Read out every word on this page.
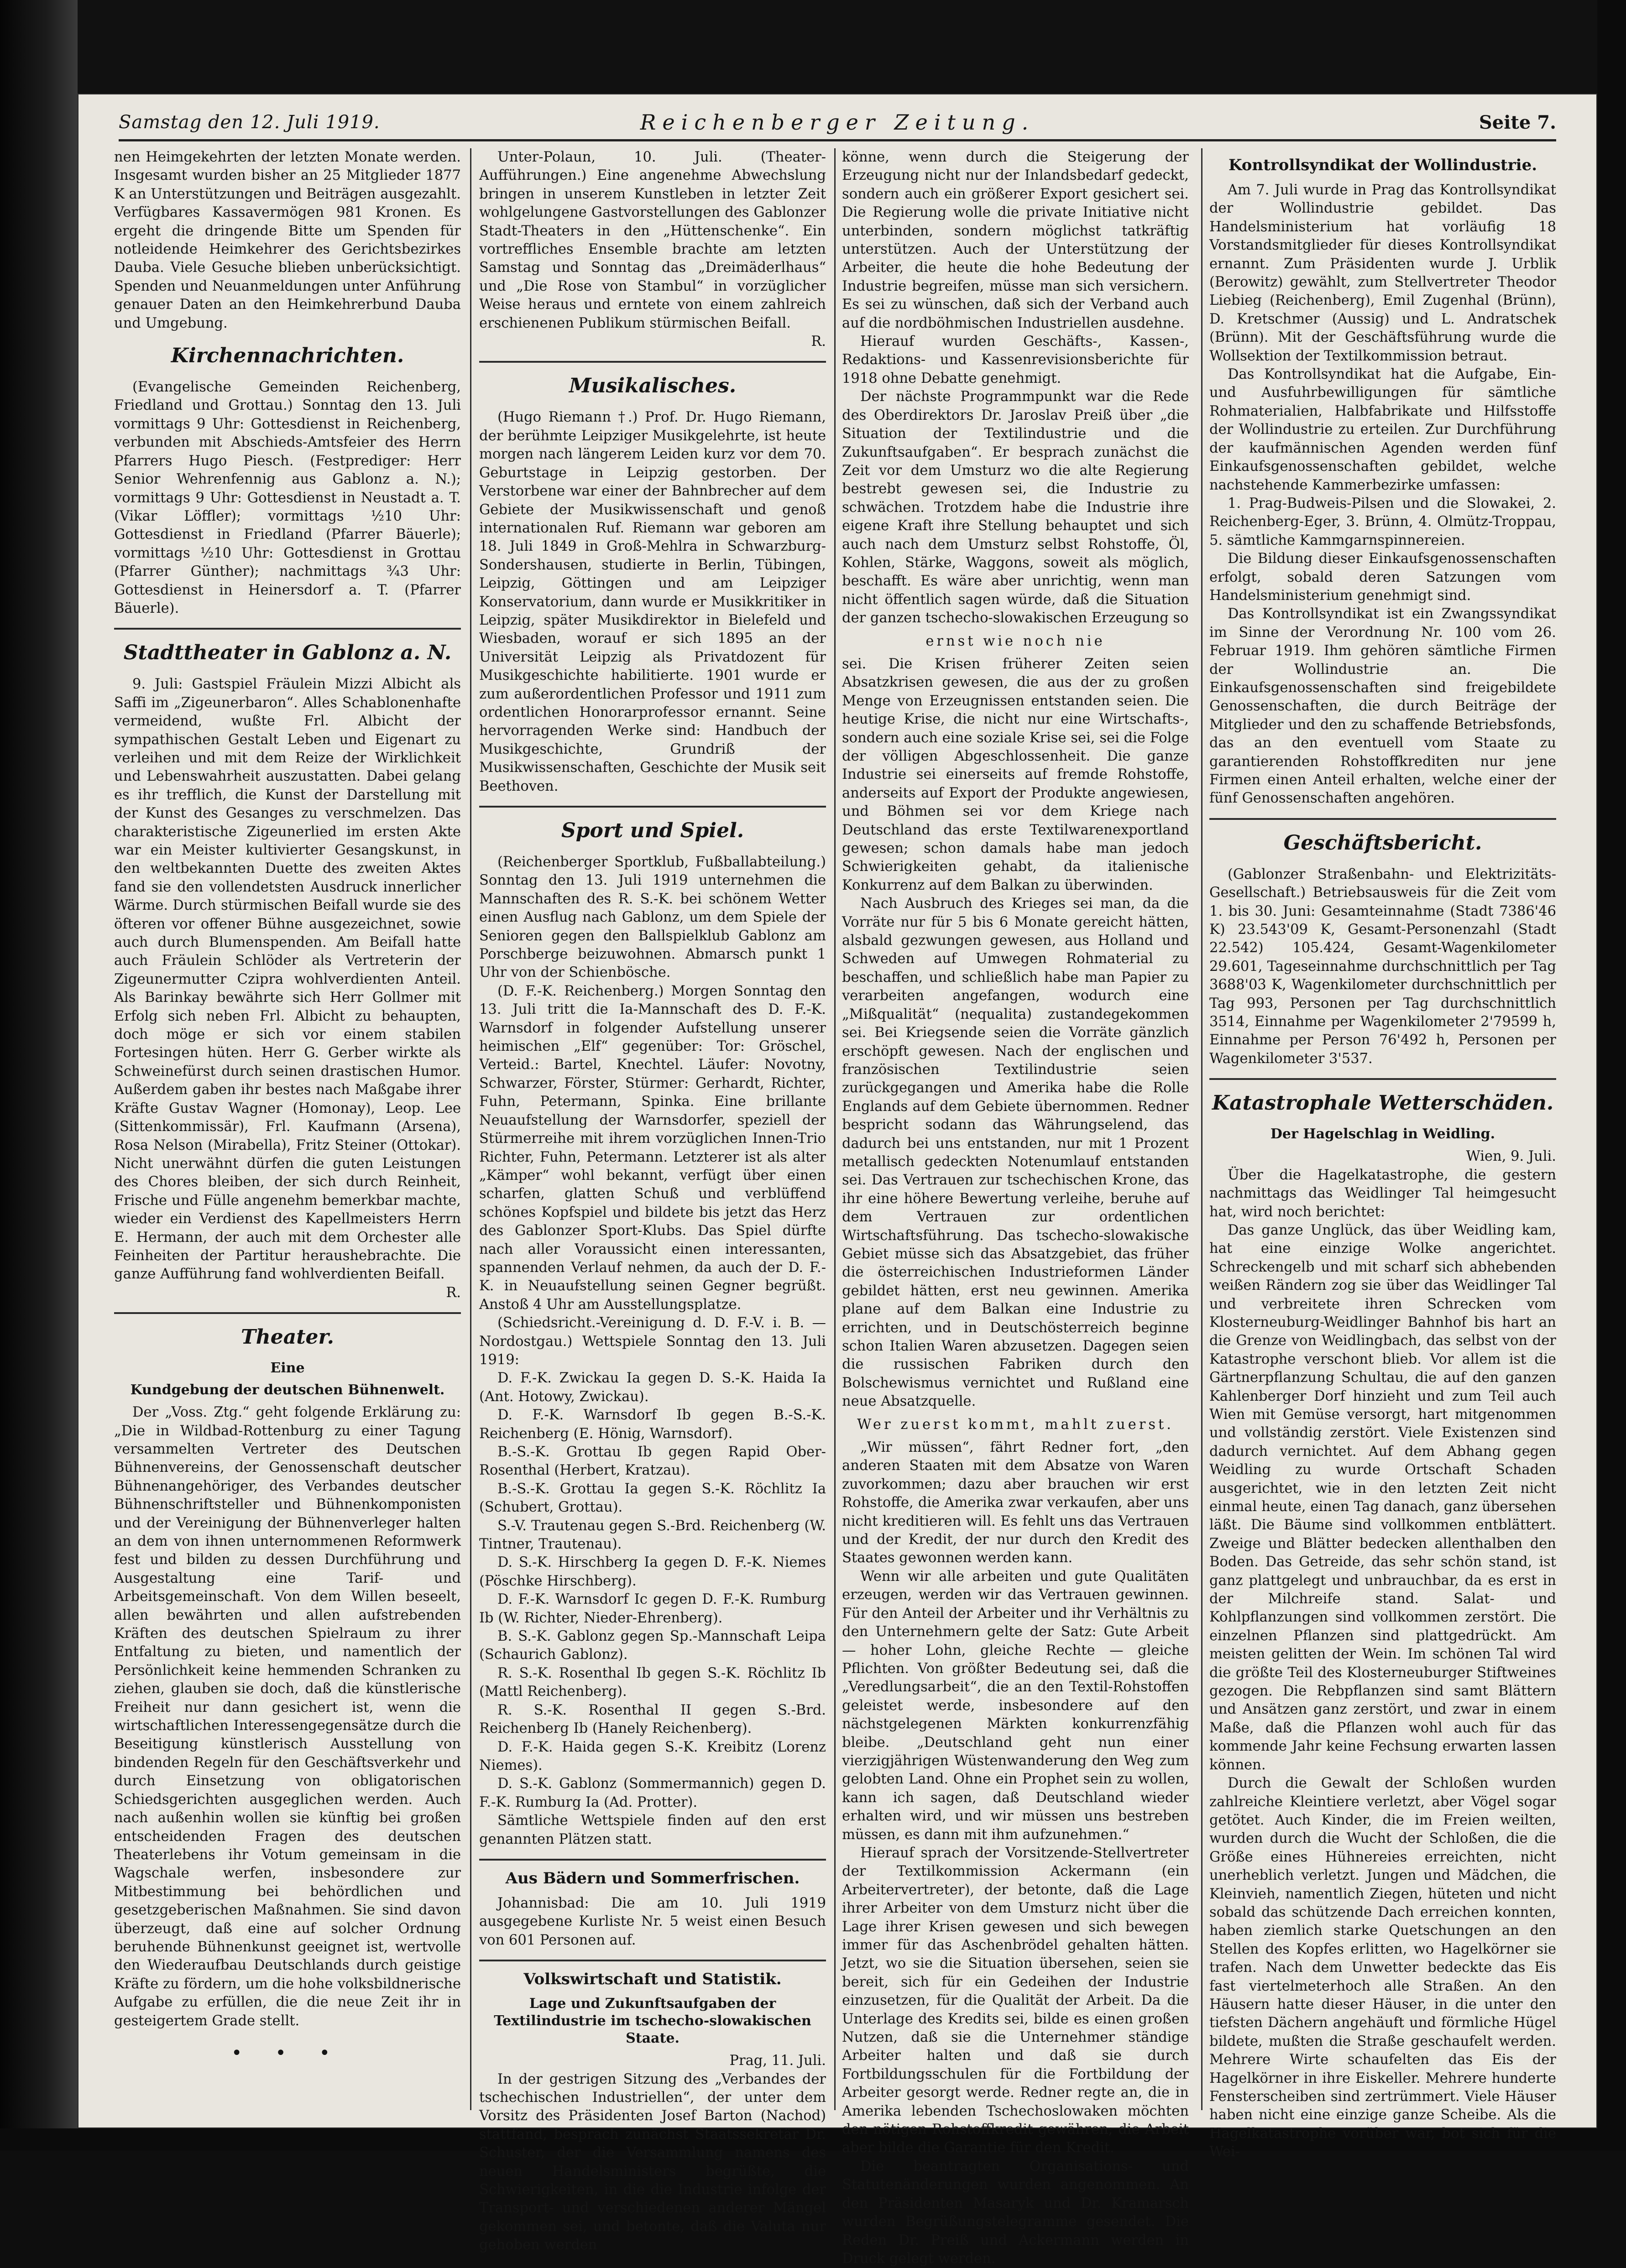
Samstag den 12. Juli 1919.	Reichenberger Zeitung.	Seite 7.

nen Heimgekehrten der letzten Monate werden. Insgesamt wurden bisher an 25 Mitglieder 1877 K an Unterstützungen und Beiträgen ausgezahlt. Verfügbares Kassavermögen 981 Kronen. Es ergeht die dringende Bitte um Spenden für notleidende Heimkehrer des Gerichtsbezirkes Dauba. Viele Gesuche blieben unberücksichtigt. Spenden und Neuanmeldungen unter Anführung genauer Daten an den Heimkehrerbund Dauba und Umgebung.

Kirchennachrichten.

(Evangelische Gemeinden Reichenberg, Friedland und Grottau.) Sonntag den 13. Juli vormittags 9 Uhr: Gottesdienst in Reichenberg, verbunden mit Abschieds-Amtsfeier des Herrn Pfarrers Hugo Piesch. (Festprediger: Herr Senior Wehrenfennig aus Gablonz a. N.); vormittags 9 Uhr: Gottesdienst in Neustadt a. T. (Vikar Löffler); vormittags ½10 Uhr: Gottesdienst in Friedland (Pfarrer Bäuerle); vormittags ½10 Uhr: Gottesdienst in Grottau (Pfarrer Günther); nachmittags ¾3 Uhr: Gottesdienst in Heinersdorf a. T. (Pfarrer Bäuerle).

Stadttheater in Gablonz a. N.

9. Juli: Gastspiel Fräulein Mizzi Albicht als Saffi im „Zigeunerbaron“. Alles Schablonenhafte vermeidend, wußte Frl. Albicht der sympathischen Gestalt Leben und Eigenart zu verleihen und mit dem Reize der Wirklichkeit und Lebenswahrheit auszustatten. Dabei gelang es ihr trefflich, die Kunst der Darstellung mit der Kunst des Gesanges zu verschmelzen. Das charakteristische Zigeunerlied im ersten Akte war ein Meister kultivierter Gesangskunst, in den weltbekannten Duette des zweiten Aktes fand sie den vollendetsten Ausdruck innerlicher Wärme. Durch stürmischen Beifall wurde sie des öfteren vor offener Bühne ausgezeichnet, sowie auch durch Blumenspenden. Am Beifall hatte auch Fräulein Schlöder als Vertreterin der Zigeunermutter Czipra wohlverdienten Anteil. Als Barinkay bewährte sich Herr Gollmer mit Erfolg sich neben Frl. Albicht zu behaupten, doch möge er sich vor einem stabilen Fortesingen hüten. Herr G. Gerber wirkte als Schweinefürst durch seinen drastischen Humor. Außerdem gaben ihr bestes nach Maßgabe ihrer Kräfte Gustav Wagner (Homonay), Leop. Lee (Sittenkommissär), Frl. Kaufmann (Arsena), Rosa Nelson (Mirabella), Fritz Steiner (Ottokar). Nicht unerwähnt dürfen die guten Leistungen des Chores bleiben, der sich durch Reinheit, Frische und Fülle angenehm bemerkbar machte, wieder ein Verdienst des Kapellmeisters Herrn E. Hermann, der auch mit dem Orchester alle Feinheiten der Partitur heraushebrachte. Die ganze Aufführung fand wohlverdienten Beifall.

R.

Theater.
Eine
Kundgebung der deutschen Bühnenwelt.

Der „Voss. Ztg.“ geht folgende Erklärung zu: „Die in Wildbad-Rottenburg zu einer Tagung versammelten Vertreter des Deutschen Bühnenvereins, der Genossenschaft deutscher Bühnenangehöriger, des Verbandes deutscher Bühnenschriftsteller und Bühnenkomponisten und der Vereinigung der Bühnenverleger halten an dem von ihnen unternommenen Reformwerk fest und bilden zu dessen Durchführung und Ausgestaltung eine Tarif- und Arbeitsgemeinschaft. Von dem Willen beseelt, allen bewährten und allen aufstrebenden Kräften des deutschen Spielraum zu ihrer Entfaltung zu bieten, und namentlich der Persönlichkeit keine hemmenden Schranken zu ziehen, glauben sie doch, daß die künstlerische Freiheit nur dann gesichert ist, wenn die wirtschaftlichen Interessengegensätze durch die Beseitigung künstlerisch Ausstellung von bindenden Regeln für den Geschäftsverkehr und durch Einsetzung von obligatorischen Schiedsgerichten ausgeglichen werden. Auch nach außenhin wollen sie künftig bei großen entscheidenden Fragen des deutschen Theaterlebens ihr Votum gemeinsam in die Wagschale werfen, insbesondere zur Mitbestimmung bei behördlichen und gesetzgeberischen Maßnahmen. Sie sind davon überzeugt, daß eine auf solcher Ordnung beruhende Bühnenkunst geeignet ist, wertvolle den Wiederaufbau Deutschlands durch geistige Kräfte zu fördern, um die hohe volksbildnerische Aufgabe zu erfüllen, die die neue Zeit ihr in gesteigertem Grade stellt.

• • •

Unter-Polaun, 10. Juli. (Theater-Aufführungen.) Eine angenehme Abwechslung bringen in unserem Kunstleben in letzter Zeit wohlgelungene Gastvorstellungen des Gablonzer Stadt-Theaters in den „Hüttenschenke“. Ein vortreffliches Ensemble brachte am letzten Samstag und Sonntag das „Dreimäderlhaus“ und „Die Rose von Stambul“ in vorzüglicher Weise heraus und erntete von einem zahlreich erschienenen Publikum stürmischen Beifall.

R.

Musikalisches.

(Hugo Riemann †.) Prof. Dr. Hugo Riemann, der berühmte Leipziger Musikgelehrte, ist heute morgen nach längerem Leiden kurz vor dem 70. Geburtstage in Leipzig gestorben. Der Verstorbene war einer der Bahnbrecher auf dem Gebiete der Musikwissenschaft und genoß internationalen Ruf. Riemann war geboren am 18. Juli 1849 in Groß-Mehlra in Schwarzburg-Sondershausen, studierte in Berlin, Tübingen, Leipzig, Göttingen und am Leipziger Konservatorium, dann wurde er Musikkritiker in Leipzig, später Musikdirektor in Bielefeld und Wiesbaden, worauf er sich 1895 an der Universität Leipzig als Privatdozent für Musikgeschichte habilitierte. 1901 wurde er zum außerordentlichen Professor und 1911 zum ordentlichen Honorarprofessor ernannt. Seine hervorragenden Werke sind: Handbuch der Musikgeschichte, Grundriß der Musikwissenschaften, Geschichte der Musik seit Beethoven.

Sport und Spiel.

(Reichenberger Sportklub, Fußballabteilung.) Sonntag den 13. Juli 1919 unternehmen die Mannschaften des R. S.-K. bei schönem Wetter einen Ausflug nach Gablonz, um dem Spiele der Senioren gegen den Ballspielklub Gablonz am Porschberge beizuwohnen. Abmarsch punkt 1 Uhr von der Schienbösche.

(D. F.-K. Reichenberg.) Morgen Sonntag den 13. Juli tritt die Ia-Mannschaft des D. F.-K. Warnsdorf in folgender Aufstellung unserer heimischen „Elf“ gegenüber: Tor: Gröschel, Verteid.: Bartel, Knechtel. Läufer: Novotny, Schwarzer, Förster, Stürmer: Gerhardt, Richter, Fuhn, Petermann, Spinka. Eine brillante Neuaufstellung der Warnsdorfer, speziell der Stürmerreihe mit ihrem vorzüglichen Innen-Trio Richter, Fuhn, Petermann. Letzterer ist als alter „Kämper“ wohl bekannt, verfügt über einen scharfen, glatten Schuß und verblüffend schönes Kopfspiel und bildete bis jetzt das Herz des Gablonzer Sport-Klubs. Das Spiel dürfte nach aller Voraussicht einen interessanten, spannenden Verlauf nehmen, da auch der D. F.-K. in Neuaufstellung seinen Gegner begrüßt. Anstoß 4 Uhr am Ausstellungsplatze.

(Schiedsricht.-Vereinigung d. D. F.-V. i. B. — Nordostgau.) Wettspiele Sonntag den 13. Juli 1919:

D. F.-K. Zwickau Ia gegen D. S.-K. Haida Ia (Ant. Hotowy, Zwickau).

D. F.-K. Warnsdorf Ib gegen B.-S.-K. Reichenberg (E. Hönig, Warnsdorf).

B.-S.-K. Grottau Ib gegen Rapid Ober-Rosenthal (Herbert, Kratzau).

B.-S.-K. Grottau Ia gegen S.-K. Röchlitz Ia (Schubert, Grottau).

S.-V. Trautenau gegen S.-Brd. Reichenberg (W. Tintner, Trautenau).

D. S.-K. Hirschberg Ia gegen D. F.-K. Niemes (Pöschke Hirschberg).

D. F.-K. Warnsdorf Ic gegen D. F.-K. Rumburg Ib (W. Richter, Nieder-Ehrenberg).

B. S.-K. Gablonz gegen Sp.-Mannschaft Leipa (Schaurich Gablonz).

R. S.-K. Rosenthal Ib gegen S.-K. Röchlitz Ib (Mattl Reichenberg).

R. S.-K. Rosenthal II gegen S.-Brd. Reichenberg Ib (Hanely Reichenberg).

D. F.-K. Haida gegen S.-K. Kreibitz (Lorenz Niemes).

D. S.-K. Gablonz (Sommermannich) gegen D. F.-K. Rumburg Ia (Ad. Protter).

Sämtliche Wettspiele finden auf den erst genannten Plätzen statt.

Aus Bädern und Sommerfrischen.

Johannisbad: Die am 10. Juli 1919 ausgegebene Kurliste Nr. 5 weist einen Besuch von 601 Personen auf.

Volkswirtschaft und Statistik.
Lage und Zukunftsaufgaben der Textilindustrie im tschecho-slowakischen Staate.

Prag, 11. Juli.

In der gestrigen Sitzung des „Verbandes der tschechischen Industriellen“, der unter dem Vorsitz des Präsidenten Josef Barton (Nachod) stattfand, besprach zunächst Staatssekretär Dr. Schuster, der die Versammlung namens des neuen Handelsministers begrüßte, die Schwierigkeiten, in die die Industrie infolge der Transport- und verschiedenen anderer Mängel gekommen sei, und betonte, daß die Valuta nur gehoben werden

könne, wenn durch die Steigerung der Erzeugung nicht nur der Inlandsbedarf gedeckt, sondern auch ein größerer Export gesichert sei. Die Regierung wolle die private Initiative nicht unterbinden, sondern möglichst tatkräftig unterstützen. Auch der Unterstützung der Arbeiter, die heute die hohe Bedeutung der Industrie begreifen, müsse man sich versichern. Es sei zu wünschen, daß sich der Verband auch auf die nordböhmischen Industriellen ausdehne.

Hierauf wurden Geschäfts-, Kassen-, Redaktions- und Kassenrevisionsberichte für 1918 ohne Debatte genehmigt.

Der nächste Programmpunkt war die Rede des Oberdirektors Dr. Jaroslav Preiß über „die Situation der Textilindustrie und die Zukunftsaufgaben“. Er besprach zunächst die Zeit vor dem Umsturz wo die alte Regierung bestrebt gewesen sei, die Industrie zu schwächen. Trotzdem habe die Industrie ihre eigene Kraft ihre Stellung behauptet und sich auch nach dem Umsturz selbst Rohstoffe, Öl, Kohlen, Stärke, Waggons, soweit als möglich, beschafft. Es wäre aber unrichtig, wenn man nicht öffentlich sagen würde, daß die Situation der ganzen tschecho-slowakischen Erzeugung so

ernst wie noch nie

sei. Die Krisen früherer Zeiten seien Absatzkrisen gewesen, die aus der zu großen Menge von Erzeugnissen entstanden seien. Die heutige Krise, die nicht nur eine Wirtschafts-, sondern auch eine soziale Krise sei, sei die Folge der völligen Abgeschlossenheit. Die ganze Industrie sei einerseits auf fremde Rohstoffe, anderseits auf Export der Produkte angewiesen, und Böhmen sei vor dem Kriege nach Deutschland das erste Textilwarenexportland gewesen; schon damals habe man jedoch Schwierigkeiten gehabt, da italienische Konkurrenz auf dem Balkan zu überwinden.

Nach Ausbruch des Krieges sei man, da die Vorräte nur für 5 bis 6 Monate gereicht hätten, alsbald gezwungen gewesen, aus Holland und Schweden auf Umwegen Rohmaterial zu beschaffen, und schließlich habe man Papier zu verarbeiten angefangen, wodurch eine „Mißqualität“ (nequalita) zustandegekommen sei. Bei Kriegsende seien die Vorräte gänzlich erschöpft gewesen. Nach der englischen und französischen Textilindustrie seien zurückgegangen und Amerika habe die Rolle Englands auf dem Gebiete übernommen. Redner bespricht sodann das Währungselend, das dadurch bei uns entstanden, nur mit 1 Prozent metallisch gedeckten Notenumlauf entstanden sei. Das Vertrauen zur tschechischen Krone, das ihr eine höhere Bewertung verleihe, beruhe auf dem Vertrauen zur ordentlichen Wirtschaftsführung. Das tschecho-slowakische Gebiet müsse sich das Absatzgebiet, das früher die österreichischen Industrieformen Länder gebildet hätten, erst neu gewinnen. Amerika plane auf dem Balkan eine Industrie zu errichten, und in Deutschösterreich beginne schon Italien Waren abzusetzen. Dagegen seien die russischen Fabriken durch den Bolschewismus vernichtet und Rußland eine neue Absatzquelle.

Wer zuerst kommt, mahlt zuerst.

„Wir müssen“, fährt Redner fort, „den anderen Staaten mit dem Absatze von Waren zuvorkommen; dazu aber brauchen wir erst Rohstoffe, die Amerika zwar verkaufen, aber uns nicht kreditieren will. Es fehlt uns das Vertrauen und der Kredit, der nur durch den Kredit des Staates gewonnen werden kann.

Wenn wir alle arbeiten und gute Qualitäten erzeugen, werden wir das Vertrauen gewinnen. Für den Anteil der Arbeiter und ihr Verhältnis zu den Unternehmern gelte der Satz: Gute Arbeit — hoher Lohn, gleiche Rechte — gleiche Pflichten. Von größter Bedeutung sei, daß die „Veredlungsarbeit“, die an den Textil-Rohstoffen geleistet werde, insbesondere auf den nächstgelegenen Märkten konkurrenzfähig bleibe. „Deutschland geht nun einer vierzigjährigen Wüstenwanderung den Weg zum gelobten Land. Ohne ein Prophet sein zu wollen, kann ich sagen, daß Deutschland wieder erhalten wird, und wir müssen uns bestreben müssen, es dann mit ihm aufzunehmen.“

Hierauf sprach der Vorsitzende-Stellvertreter der Textilkommission Ackermann (ein Arbeitervertreter), der betonte, daß die Lage ihrer Arbeiter von dem Umsturz nicht über die Lage ihrer Krisen gewesen und sich bewegen immer für das Aschenbrödel gehalten hätten. Jetzt, wo sie die Situation übersehen, seien sie bereit, sich für ein Gedeihen der Industrie einzusetzen, für die Qualität der Arbeit. Da die Unterlage des Kredits sei, bilde es einen großen Nutzen, daß sie die Unternehmer ständige Arbeiter halten und daß sie durch Fortbildungsschulen für die Fortbildung der Arbeiter gesorgt werde. Redner regte an, die in Amerika lebenden Tschechoslowaken möchten den nötigen Rohstoffkredit gewähren; die Arbeit aber bilde die Garantie für den Kredit.

Die beantragten Organisations- und Statutenänderungen wurden angenommen. An den Präsidenten Masaryk und Dr. Kramarsch wurden Begrüßungstelegramme gesendet. Die Reden Dr. Preiß und Ackermann werden in Druck gelegt werden.

Kontrollsyndikat der Wollindustrie.

Am 7. Juli wurde in Prag das Kontrollsyndikat der Wollindustrie gebildet. Das Handelsministerium hat vorläufig 18 Vorstandsmitglieder für dieses Kontrollsyndikat ernannt. Zum Präsidenten wurde J. Urblik (Berowitz) gewählt, zum Stellvertreter Theodor Liebieg (Reichenberg), Emil Zugenhal (Brünn), D. Kretschmer (Aussig) und L. Andratschek (Brünn). Mit der Geschäftsführung wurde die Wollsektion der Textilkommission betraut.

Das Kontrollsyndikat hat die Aufgabe, Ein- und Ausfuhrbewilligungen für sämtliche Rohmaterialien, Halbfabrikate und Hilfsstoffe der Wollindustrie zu erteilen. Zur Durchführung der kaufmännischen Agenden werden fünf Einkaufsgenossenschaften gebildet, welche nachstehende Kammerbezirke umfassen:

1. Prag-Budweis-Pilsen und die Slowakei, 2. Reichenberg-Eger, 3. Brünn, 4. Olmütz-Troppau, 5. sämtliche Kammgarnspinnereien.

Die Bildung dieser Einkaufsgenossenschaften erfolgt, sobald deren Satzungen vom Handelsministerium genehmigt sind.

Das Kontrollsyndikat ist ein Zwangssyndikat im Sinne der Verordnung Nr. 100 vom 26. Februar 1919. Ihm gehören sämtliche Firmen der Wollindustrie an. Die Einkaufsgenossenschaften sind freigebildete Genossenschaften, die durch Beiträge der Mitglieder und den zu schaffende Betriebsfonds, das an den eventuell vom Staate zu garantierenden Rohstoffkrediten nur jene Firmen einen Anteil erhalten, welche einer der fünf Genossenschaften angehören.

Geschäftsbericht.

(Gablonzer Straßenbahn- und Elektrizitäts-Gesellschaft.) Betriebsausweis für die Zeit vom 1. bis 30. Juni: Gesamteinnahme (Stadt 7386'46 K) 23.543'09 K, Gesamt-Personenzahl (Stadt 22.542) 105.424, Gesamt-Wagenkilometer 29.601, Tageseinnahme durchschnittlich per Tag 3688'03 K, Wagenkilometer durchschnittlich per Tag 993, Personen per Tag durchschnittlich 3514, Einnahme per Wagenkilometer 2'79599 h, Einnahme per Person 76'492 h, Personen per Wagenkilometer 3'537.

Katastrophale Wetterschäden.
Der Hagelschlag in Weidling.

Wien, 9. Juli.

Über die Hagelkatastrophe, die gestern nachmittags das Weidlinger Tal heimgesucht hat, wird noch berichtet:

Das ganze Unglück, das über Weidling kam, hat eine einzige Wolke angerichtet. Schreckengelb und mit scharf sich abhebenden weißen Rändern zog sie über das Weidlinger Tal und verbreitete ihren Schrecken vom Klosterneuburg-Weidlinger Bahnhof bis hart an die Grenze von Weidlingbach, das selbst von der Katastrophe verschont blieb. Vor allem ist die Gärtnerpflanzung Schultau, die auf den ganzen Kahlenberger Dorf hinzieht und zum Teil auch Wien mit Gemüse versorgt, hart mitgenommen und vollständig zerstört. Viele Existenzen sind dadurch vernichtet. Auf dem Abhang gegen Weidling zu wurde Ortschaft Schaden ausgerichtet, wie in den letzten Zeit nicht einmal heute, einen Tag danach, ganz übersehen läßt. Die Bäume sind vollkommen entblättert. Zweige und Blätter bedecken allenthalben den Boden. Das Getreide, das sehr schön stand, ist ganz plattgelegt und unbrauchbar, da es erst in der Milchreife stand. Salat- und Kohlpflanzungen sind vollkommen zerstört. Die einzelnen Pflanzen sind plattgedrückt. Am meisten gelitten der Wein. Im schönen Tal wird die größte Teil des Klosterneuburger Stiftweines gezogen. Die Rebpflanzen sind samt Blättern und Ansätzen ganz zerstört, und zwar in einem Maße, daß die Pflanzen wohl auch für das kommende Jahr keine Fechsung erwarten lassen können.

Durch die Gewalt der Schloßen wurden zahlreiche Kleintiere verletzt, aber Vögel sogar getötet. Auch Kinder, die im Freien weilten, wurden durch die Wucht der Schloßen, die die Größe eines Hühnereies erreichten, nicht unerheblich verletzt. Jungen und Mädchen, die Kleinvieh, namentlich Ziegen, hüteten und nicht sobald das schützende Dach erreichen konnten, haben ziemlich starke Quetschungen an den Stellen des Kopfes erlitten, wo Hagelkörner sie trafen. Nach dem Unwetter bedeckte das Eis fast viertelmeterhoch alle Straßen. An den Häusern hatte dieser Häuser, in die unter den tiefsten Dächern angehäuft und förmliche Hügel bildete, mußten die Straße geschaufelt werden. Mehrere Wirte schaufelten das Eis der Hagelkörner in ihre Eiskeller. Mehrere hunderte Fensterscheiben sind zertrümmert. Viele Häuser haben nicht eine einzige ganze Scheibe. Als die Hagelkatastrophe vorüber war, bot sich für die Wei-
